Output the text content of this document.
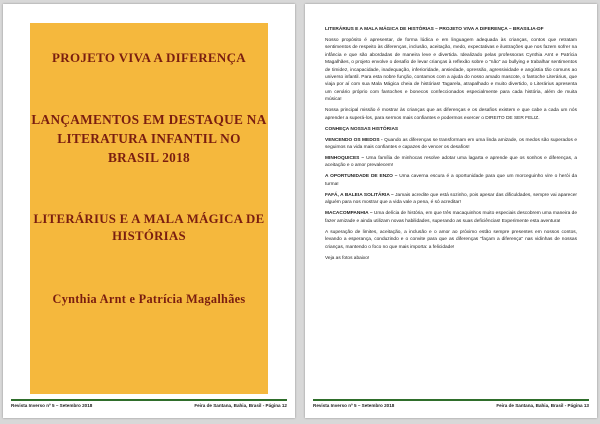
PROJETO VIVA A DIFERENÇA
LANÇAMENTOS EM DESTAQUE NA LITERATURA INFANTIL NO BRASIL 2018
LITERÁRIUS E A MALA MÁGICA DE HISTÓRIAS
Cynthia Arnt e Patrícia Magalhães
Revista Inverso nº 5 – Setembro 2018	Feira de Santana, Bahia, Brasil - Página 12

LITERÁRIUS E A MALA MÁGICA DE HISTÓRIAS – PROJETO VIVA A DIFERENÇA – BRASILIA-DF

Nosso propósito é apresentar, de forma lúdica e em linguagem adequada às crianças, contos que retratam sentimentos de respeito às diferenças, inclusão, aceitação, medo, expectativas e ilustrações que nos fazem sofrer na infância e que são abordadas de maneira leve e divertida. Idealizado pelas professoras Cynthia Arnt e Patrícia Magalhães, o projeto envolve o desafio de levar crianças à reflexão sobre o "não" ao bullying e trabalhar sentimentos de timidez, incapacidade, inadequação, inferioridade, ansiedade, opressão, agressividade e angústia tão comuns ao universo infantil. Para esta nobre função, contamos com a ajuda do nosso amado mascote, o fantoche Literárius, que viaja por aí com sua Mala Mágica cheia de histórias! Tagarela, atrapalhado e muito divertido, o Literárius apresenta um cenário próprio com fantoches e bonecos confeccionados especialmente para cada história, além de muita música!

Nossa principal missão é mostrar às crianças que as diferenças e os desafios existem e que cabe a cada um nós aprender a superá-los, para sermos mais confiantes e podermos exercer o DIREITO DE SER FELIZ.

CONHEÇA NOSSAS HISTÓRIAS

VENCENDO OS MEDOS - Quando as diferenças se transformam em uma linda amizade, os medos são superados e seguimos na vida mais confiantes e capazes de vencer os desafios!

MINHOQUICES – Uma família de minhocas resolve adotar uma lagarta e aprende que os sonhos e diferenças, a aceitação e o amor prevalecem!

A OPORTUNIDADE DE ENZO – Uma caverna escura é a oportunidade para que um morceguinho vire o herói da turma!

FAFÁ, A BALEIA SOLITÁRIA – Jamais acredite que está sozinho, pois apesar das dificuldades, sempre vai aparecer alguém para nos mostrar que a vida vale a pena, é só acreditar!

MACACOMPANHIA – Uma delícia de história, em que três macaquinhos muito especiais descobrem uma maneira de fazer amizade e ainda utilizam novas habilidades, superando as suas deficiências! Experimente esta aventura!

A superação de limites, aceitação, a inclusão e o amor ao próximo estão sempre presentes em nossos contos, levando a esperança, conduzindo e o convite para que as diferenças "façam a diferença" nas vidinhas de nossas crianças, mantendo o foco no que mais importa: a felicidade!

Veja as fotos abaixo!

Revista Inverso nº 5 – Setembro 2018	Feira de Santana, Bahia, Brasil - Página 13
